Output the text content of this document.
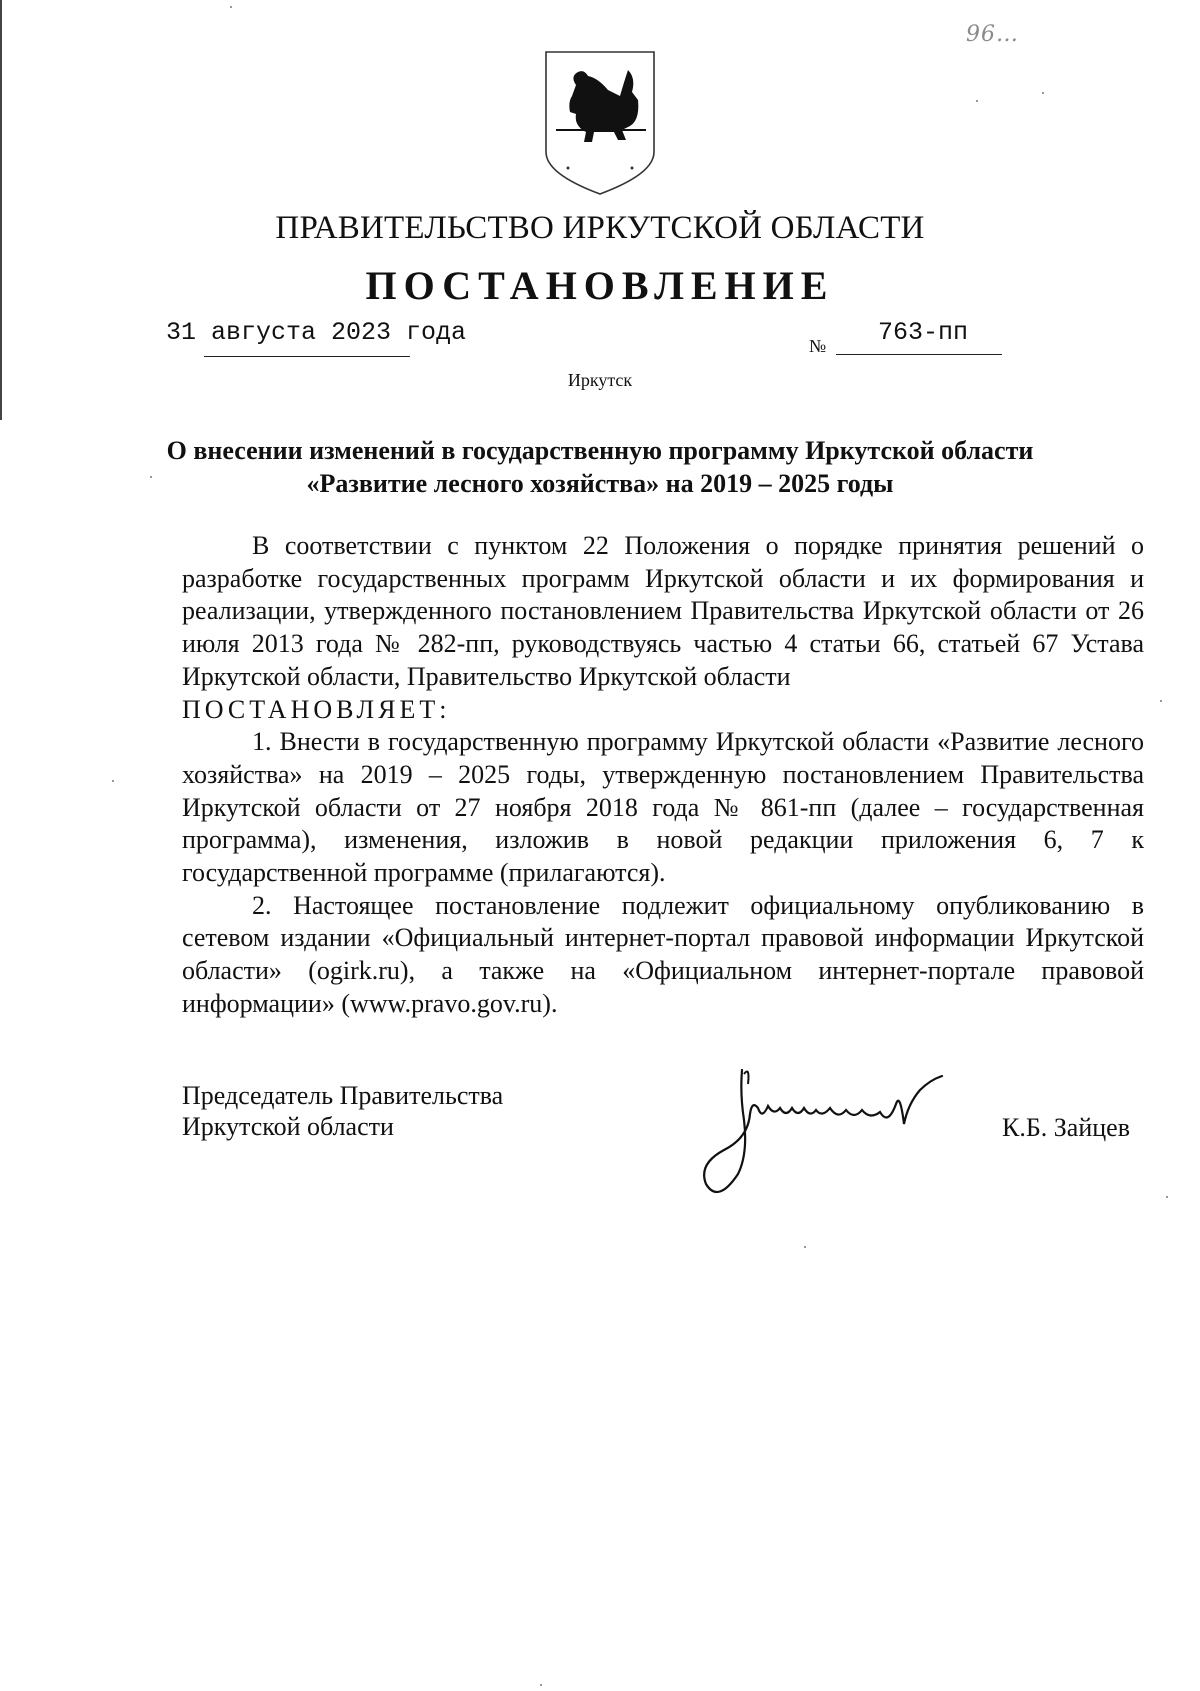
96…
ПРАВИТЕЛЬСТВО ИРКУТСКОЙ ОБЛАСТИ
ПОСТАНОВЛЕНИЕ
31 августа 2023 года	№ 763-пп
Иркутск
О внесении изменений в государственную программу Иркутской области
«Развитие лесного хозяйства» на 2019 – 2025 годы

В соответствии с пунктом 22 Положения о порядке принятия решений о разработке государственных программ Иркутской области и их формирования и реализации, утвержденного постановлением Правительства Иркутской области от 26 июля 2013 года № 282-пп, руководствуясь частью 4 статьи 66, статьей 67 Устава Иркутской области, Правительство Иркутской области

ПОСТАНОВЛЯЕТ:

1. Внести в государственную программу Иркутской области «Развитие лесного хозяйства» на 2019 – 2025 годы, утвержденную постановлением Правительства Иркутской области от 27 ноября 2018 года № 861-пп (далее – государственная программа), изменения, изложив в новой редакции приложения 6, 7 к государственной программе (прилагаются).

2. Настоящее постановление подлежит официальному опубликованию в сетевом издании «Официальный интернет-портал правовой информации Иркутской области» (ogirk.ru), а также на «Официальном интернет-портале правовой информации» (www.pravo.gov.ru).

Председатель Правительства
Иркутской области	К.Б. Зайцев
